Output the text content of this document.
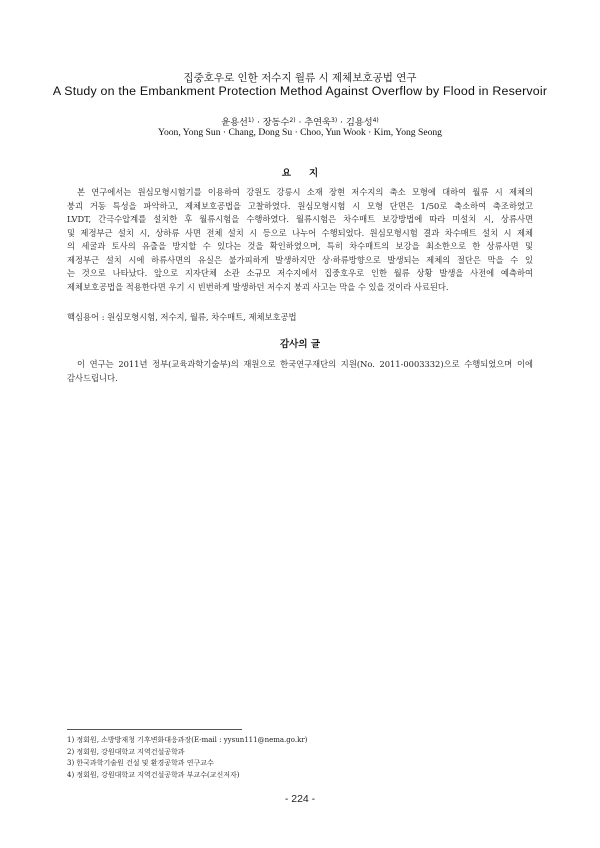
집중호우로 인한 저수지 월류 시 제체보호공법 연구
A Study on the Embankment Protection Method Against Overflow by Flood in Reservoir
윤용선$^{1)}$ · 장동수$^{2)}$ · 추연욱$^{3)}$ · 김용성$^{4)}$
Yoon, Yong Sun · Chang, Dong Su · Choo, Yun Wook · Kim, Yong Seong
요지
본 연구에서는 원심모형시험기를 이용하여 강원도 강릉시 소재 장현 저수지의 축소 모형에 대하여 월류 시 제체의
붕괴 거동 특성을 파악하고, 제체보호공법을 고찰하였다. 원심모형시험 시 모형 단면은 1/50로 축소하여 축조하였고
LVDT, 간극수압계를 설치한 후 월류시험을 수행하였다. 월류시험은 차수매트 보강방법에 따라 미설치 시, 상류사면
및 제정부근 설치 시, 상하류 사면 전체 설치 시 등으로 나누어 수행되었다. 원심모형시험 결과 차수매트 설치 시 제체
의 세굴과 토사의 유출을 방지할 수 있다는 것을 확인하였으며, 특히 차수매트의 보강을 최소한으로 한 상류사면 및
제정부근 설치 시에 하류사면의 유실은 불가피하게 발생하지만 상·하류방향으로 발생되는 제체의 절단은 막을 수 있
는 것으로 나타났다. 앞으로 지자단체 소관 소규모 저수지에서 집중호우로 인한 월류 상황 발생을 사전에 예측하여
제체보호공법을 적용한다면 우기 시 빈번하게 발생하던 저수지 붕괴 사고는 막을 수 있을 것이라 사료된다.
핵심용어 : 원심모형시험, 저수지, 월류, 차수매트, 제체보호공법
감사의 글
이 연구는 2011년 정부(교육과학기술부)의 재원으로 한국연구재단의 지원(No. 2011-0003332)으로 수행되었으며 이에
감사드립니다.
1) 정회원, 소방방재청 기후변화대응과장(E-mail : yysun111@nema.go.kr)
2) 정회원, 강원대학교 지역건설공학과
3) 한국과학기술원 건설 및 환경공학과 연구교수
4) 정회원, 강원대학교 지역건설공학과 부교수(교신저자)
- 224 -
